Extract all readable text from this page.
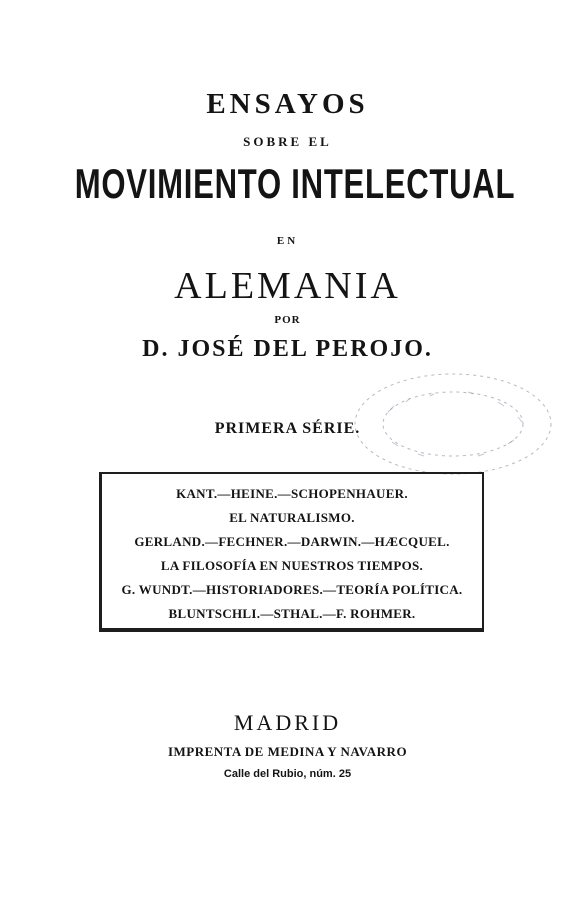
ENSAYOS
SOBRE EL
MOVIMIENTO INTELECTUAL
EN
ALEMANIA
POR
D. JOSÉ DEL PEROJO.
PRIMERA SÉRIE.
KANT.—HEINE.—SCHOPENHAUER.
EL NATURALISMO.
GERLAND.—FECHNER.—DARWIN.—HÆCQUEL.
LA FILOSOFÍA EN NUESTROS TIEMPOS.
G. WUNDT.—HISTORIADORES.—TEORÍA POLÍTICA.
BLUNTSCHLI.—STHAL.—F. ROHMER.
MADRID
IMPRENTA DE MEDINA Y NAVARRO
Calle del Rubio, núm. 25
